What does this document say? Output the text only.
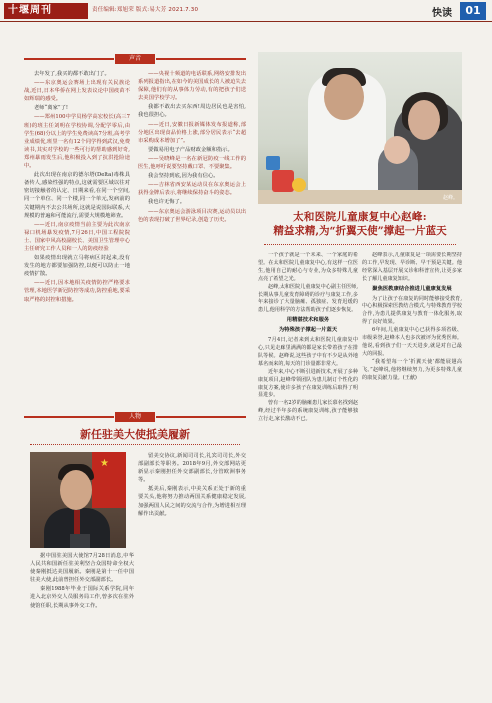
十堰周刊	责任编辑:郑旭荣 版式:易大芳 2021.7.30	快读	01
声音

去年发了,我买的都不敢出门了。

——东京奥运会赛场上出现有关民族论战,近日,日本华侨在网上发表议论中国疫苗不如辉瑞的感受。

老师“离家”了!

——郑州100中学员杨学高宏校长(高三7班)的班主任刘明在学校协调,分配学零后,由学生(68)分以上的学生免费读高7分班,高考学业成绩优,班里一名有12个同学得到武汉,免费读书,其实对学校的一些可行的帮助感到好奇,郑州暴雨发生后,他积极投入到了抗洪抢险途中。

此次出现在南京的德尔塔(Delta)毒株具备传人,感染性强的特点,这就需要区域以往对密切接触者的认定、日期来看,在同一个空间,同一个单位、同一个楼,同一个单元,发病前的关键期内不去公共场所,这就是说国际联系,大规模的普遍和可能流行,需要大规模地筛查。

——近日,南京疫情当前主要为此次南京禄口机场暴发疫情,7月26日,中国工程院院士、国家中风高校副校长、美国卫生管理中心主任研究工作人员和一人的防疫经验

如果疫情出现就立马将病区封起来,没有发生的地方都要加强防控,以便可以防止一地疫情扩散。

——近日,因本地相关疫情防控严格要求管理,本地医学新冠防控等成功,防控重地,要采取严格的封控和措施。

——央视十频道的电话联系,网络安排发出系列报道指出,在如今的美国成长的人被迫失去保障,他们有的从事体力劳动,有的把孩子们送去美国学校学习。

我都不敢出去买东西!周边居民也是害怕,我也很担心。

——近日,安徽日报新媒体发布报道称,部分地区出现食品价格上涨,部分居民表示“去超市采购成本增加了”。

要做易用电子产品财政金额和指示。

——吴晓峰是一名在新冠防疫一线工作的医生,他呼吁说要坚持戴口罩、不要聚集。

我会坚持到底,因为我有信心。

——吉林省西安某运动员在东京奥运会上获得金牌后表示,将继续保持奋斗的姿态。

我也许无悔了。

——东京奥运会游泳项目决赛,运动员以出色的表现打破了世界纪录,创造了历史。

赵峰。
太和医院儿童康复中心赵峰:
精益求精,为“折翼天使”撑起一片蓝天

一个孩子就是一个未来、一个家庭的希望。在太和医院儿童康复中心,有这样一位医生,他用自己的耐心与专业,为众多特殊儿童点亮了希望之光。

赵峰,太和医院儿童康复中心副主任医师,长期从事儿童发育障碍的诊疗与康复工作,多年来接诊了大量脑瘫、孤独症、发育迟缓的患儿,他用科学的方法帮助孩子们逐步恢复。

用精湛技术和服务

为特殊孩子撑起一片蓝天

7月4日,记者来到太和医院儿童康复中心,只见走廊里满满的都是家长带着孩子在排队等候。赵峰说,这些孩子中有不少是从外地慕名而来的,每天的门诊量都非常大。

近年来,中心不断引进新技术,开展了多种康复项目,赵峰带领团队为患儿制订个性化的康复方案,使许多孩子在康复训练后取得了明显进步。

曾有一名2岁的脑瘫患儿家长慕名找到赵峰,经过半年多的系统康复训练,孩子能够独立行走,家长激动不已。

赵峰表示,儿童康复是一项需要长期坚持的工作,早发现、早诊断、早干预是关键。他经常深入基层开展义诊和科普宣传,让更多家长了解儿童康复知识。

聚焦医教康结合推进儿童康复发展

为了让孩子在康复的同时能够接受教育,中心积极探索医教结合模式,与特殊教育学校合作,为患儿提供康复与教育一体化服务,取得了良好效果。

6年间,儿童康复中心已获得多项省级、市级荣誉,赵峰本人也多次被评为优秀医师。他说,看到孩子们一天天进步,就是对自己最大的回报。

“我希望每一个‘折翼天使’都能展翅高飞。”赵峰说,他将继续努力,为更多特殊儿童的康复贡献力量。(王献)

人物
新任驻美大使抵美履新
★

据中国驻美国大使馆7月28日消息,中华人民共和国新任驻美利坚合众国特命全权大使秦刚抵达美国履新。秦刚是第十一任中国驻美大使,此前曾担任外交部副部长。

秦刚1988年毕业于国际关系学院,同年进入北京外交人员服务局工作,曾多次在驻外使馆任职,长期从事外交工作。

留美交协议,新闻司司长,礼宾司司长,外交部副部长等职务。2018年9月,外交部网站更新显示秦刚担任外交部副部长,分管欧洲事务等。

抵美后,秦刚表示,中美关系正处于新的重要关头,他将努力推动两国关系健康稳定发展,加强两国人民之间的交流与合作,为增进相互理解作出贡献。
